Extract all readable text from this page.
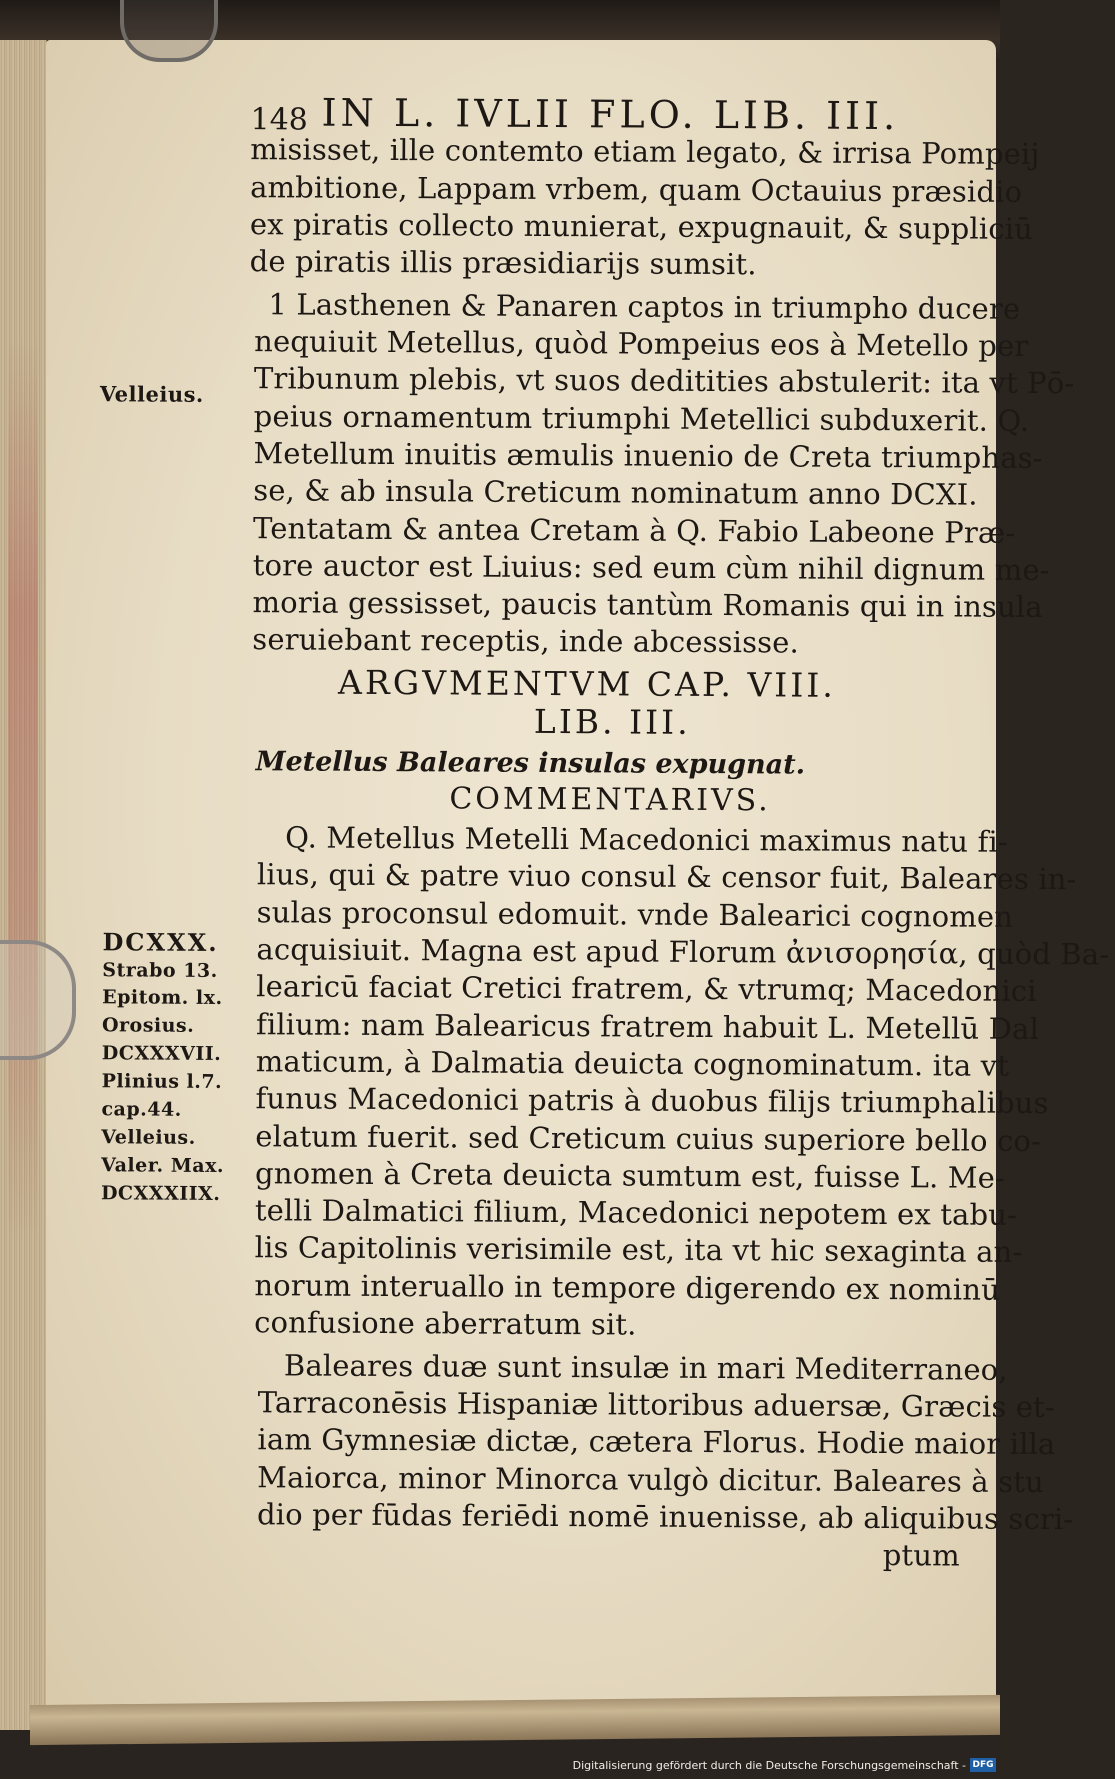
IN L. IVLII FLO. LIB. III.
148
misisset, ille contemto etiam legato, & irrisa Pompeij
ambitione, Lappam vrbem, quam Octauius præsidio
ex piratis collecto munierat, expugnauit, & suppliciū
de piratis illis præsidiarijs sumsit.
1 Lasthenen & Panaren captos in triumpho ducere
nequiuit Metellus, quòd Pompeius eos à Metello per
Tribunum plebis, vt suos deditities abstulerit: ita vt Pō-
peius ornamentum triumphi Metellici subduxerit. Q.
Metellum inuitis æmulis inuenio de Creta triumphas-
se, & ab insula Creticum nominatum anno DCXI.
Tentatam & antea Cretam à Q. Fabio Labeone Præ-
tore auctor est Liuius: sed eum cùm nihil dignum me-
moria gessisset, paucis tantùm Romanis qui in insula
seruiebant receptis, inde abcessisse.
ARGVMENTVM CAP. VIII.
LIB. III.
Metellus Baleares insulas expugnat.
COMMENTARIVS.
Q. Metellus Metelli Macedonici maximus natu fi-
lius, qui & patre viuo consul & censor fuit, Baleares in-
sulas proconsul edomuit. vnde Balearici cognomen
acquisiuit. Magna est apud Florum ἀνισορησία, quòd Ba-
learicū faciat Cretici fratrem, & vtrumq; Macedonici
filium: nam Balearicus fratrem habuit L. Metellū Dal
maticum, à Dalmatia deuicta cognominatum. ita vt
funus Macedonici patris à duobus filijs triumphalibus
elatum fuerit. sed Creticum cuius superiore bello co-
gnomen à Creta deuicta sumtum est, fuisse L. Me-
telli Dalmatici filium, Macedonici nepotem ex tabu-
lis Capitolinis verisimile est, ita vt hic sexaginta an-
norum interuallo in tempore digerendo ex nominū
confusione aberratum sit.
Baleares duæ sunt insulæ in mari Mediterraneo,
Tarraconēsis Hispaniæ littoribus aduersæ, Græcis et-
iam Gymnesiæ dictæ, cætera Florus. Hodie maior illa
Maiorca, minor Minorca vulgò dicitur. Baleares à stu
dio per fūdas feriēdi nomē inuenisse, ab aliquibus scri-
ptum
Velleius.
DCXXX.
Strabo 13.
Epitom. lx.
Orosius.
DCXXXVII.
Plinius l.7.
cap.44.
Velleius.
Valer. Max.
DCXXXIIX.
Digitalisierung gefördert durch die Deutsche Forschungsgemeinschaft - DFG
